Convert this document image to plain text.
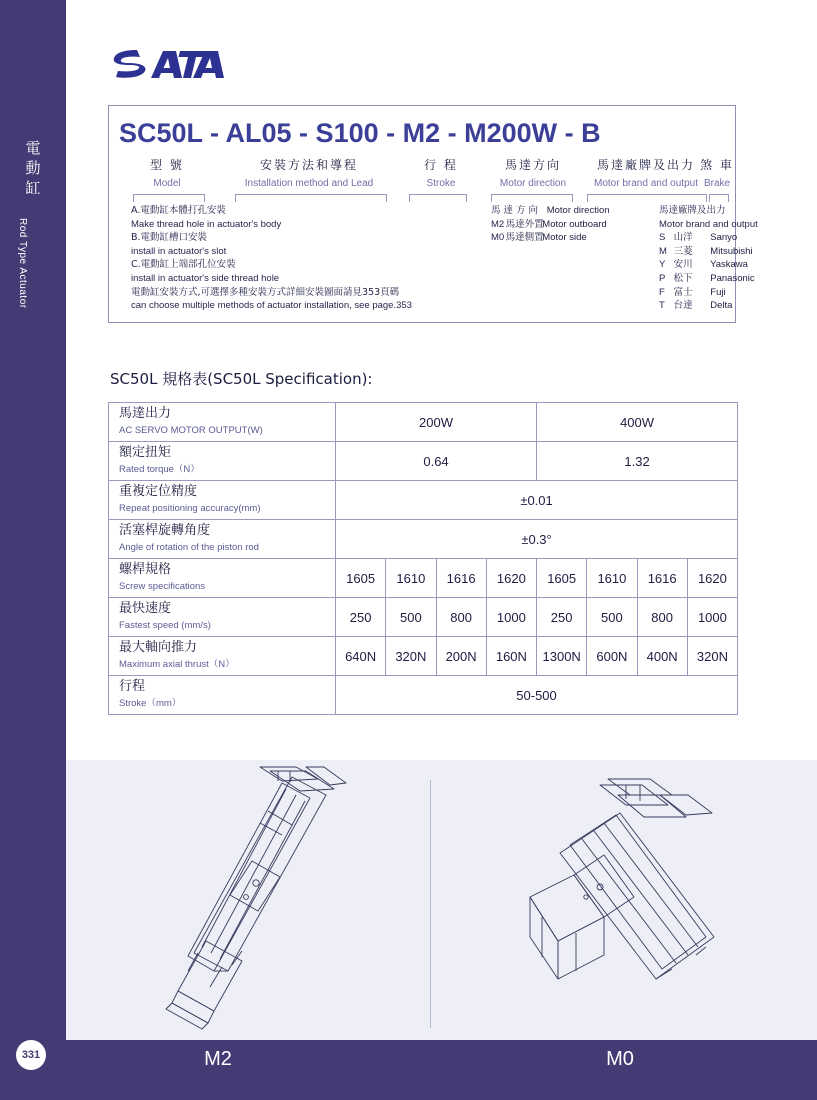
電動缸
Rod Type Actuator
331
SC50L - AL05 - S100 - M2 - M200W - B
型 號
Model
安裝方法和導程
Installation method and Lead
行 程
Stroke
馬達方向
Motor direction
馬達廠牌及出力
Motor brand and output
煞 車
Brake
A.電動缸本體打孔安裝
Make thread hole in actuator's body
B.電動缸槽口安裝
install in actuator's slot
C.電動缸上端部孔位安裝
install in actuator's side thread hole
電動缸安裝方式,可選擇多種安裝方式詳細安裝圖面請見353頁碼
can choose multiple methods of actuator installation, see page.353
馬 達 方 向 Motor direction
M2 馬達外置 Motor outboard
M0 馬達側置 Motor side
馬達廠牌及出力
Motor brand and output
S 山洋 Sanyo
M 三菱 Mitsubishi
Y 安川 Yaskawa
P 松下 Panasonic
F 富士 Fuji
T 台達 Delta
SC50L 規格表(SC50L Specification):
馬達出力
AC SERVO MOTOR OUTPUT(W)	200W				400W			

額定扭矩
Rated torque（N）	0.64				1.32			

重複定位精度
Repeat positioning accuracy(mm)	±0.01							

活塞桿旋轉角度
Angle of rotation of the piston rod	±0.3°							

螺桿規格
Screw specifications	1605	1610	1616	1620	1605	1610	1616	1620

最快速度
Fastest speed (mm/s)	250	500	800	1000	250	500	800	1000

最大軸向推力
Maximum axial thrust（N）	640N	320N	200N	160N	1300N	600N	400N	320N

行程
Stroke（mm）	50-500							
M2	M0
